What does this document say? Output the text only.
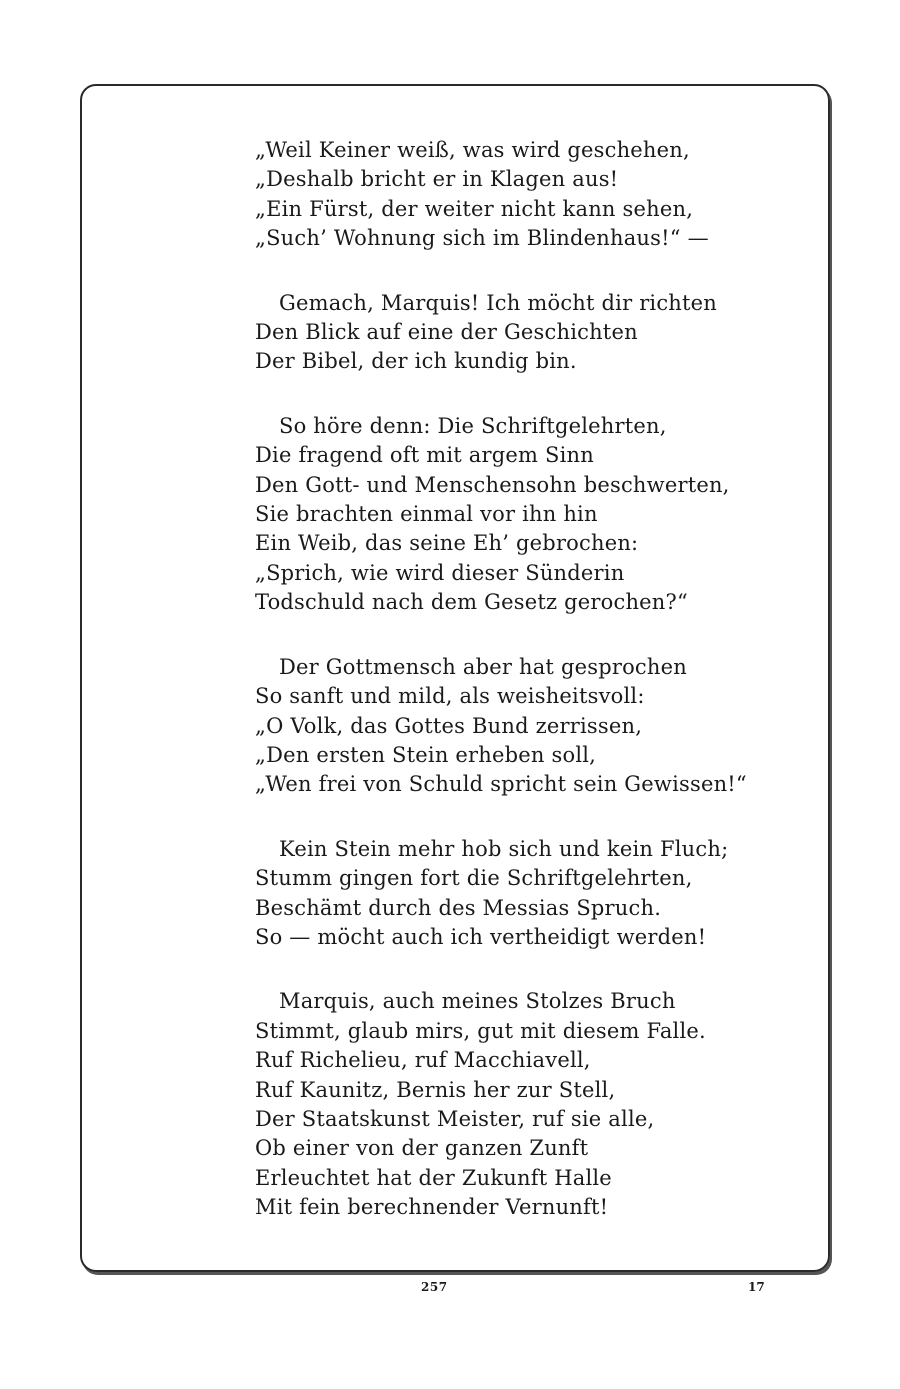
„Weil Keiner weiß, was wird geschehen,
„Deshalb bricht er in Klagen aus!
„Ein Fürst, der weiter nicht kann sehen,
„Such’ Wohnung sich im Blindenhaus!“ —
Gemach, Marquis! Ich möcht dir richten
Den Blick auf eine der Geschichten
Der Bibel, der ich kundig bin.
So höre denn: Die Schriftgelehrten,
Die fragend oft mit argem Sinn
Den Gott- und Menschensohn beschwerten,
Sie brachten einmal vor ihn hin
Ein Weib, das seine Eh’ gebrochen:
„Sprich, wie wird dieser Sünderin
Todschuld nach dem Gesetz gerochen?“
Der Gottmensch aber hat gesprochen
So sanft und mild, als weisheitsvoll:
„O Volk, das Gottes Bund zerrissen,
„Den ersten Stein erheben soll,
„Wen frei von Schuld spricht sein Gewissen!“
Kein Stein mehr hob sich und kein Fluch;
Stumm gingen fort die Schriftgelehrten,
Beschämt durch des Messias Spruch.
So — möcht auch ich vertheidigt werden!
Marquis, auch meines Stolzes Bruch
Stimmt, glaub mirs, gut mit diesem Falle.
Ruf Richelieu, ruf Macchiavell,
Ruf Kaunitz, Bernis her zur Stell,
Der Staatskunst Meister, ruf sie alle,
Ob einer von der ganzen Zunft
Erleuchtet hat der Zukunft Halle
Mit fein berechnender Vernunft!
257	17
